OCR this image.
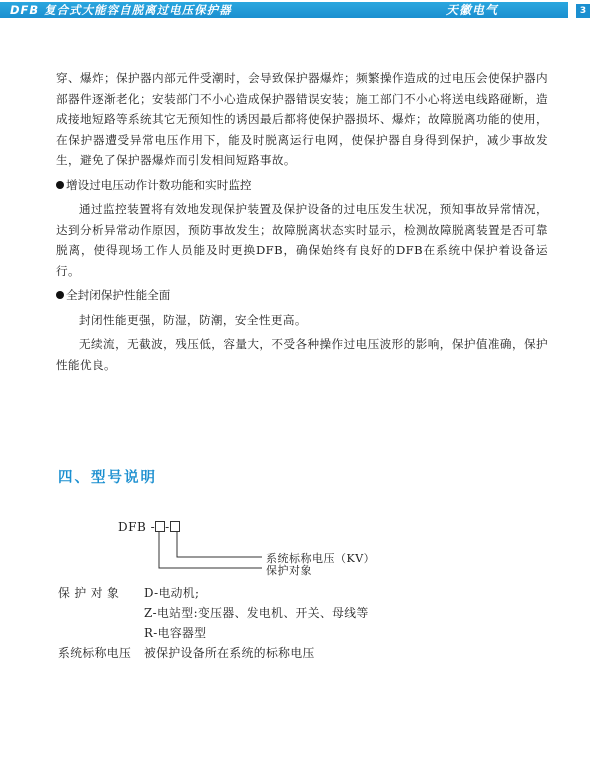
DFB 复合式大能容自脱离过电压保护器	天徽电气	3

穿、爆炸；保护器内部元件受潮时，会导致保护器爆炸；频繁操作造成的过电压会使保护器内部器件逐渐老化；安装部门不小心造成保护器错误安装；施工部门不小心将送电线路碰断，造成接地短路等系统其它无预知性的诱因最后都将使保护器损坏、爆炸；故障脱离功能的使用，在保护器遭受异常电压作用下，能及时脱离运行电网，使保护器自身得到保护，减少事故发生，避免了保护器爆炸而引发相间短路事故。

增设过电压动作计数功能和实时监控

通过监控装置将有效地发现保护装置及保护设备的过电压发生状况，预知事故异常情况，达到分析异常动作原因，预防事故发生；故障脱离状态实时显示，检测故障脱离装置是否可靠脱离，使得现场工作人员能及时更换DFB，确保始终有良好的DFB在系统中保护着设备运行。

全封闭保护性能全面

封闭性能更强，防湿，防潮，安全性更高。

无续流，无截波，残压低，容量大，不受各种操作过电压波形的影响，保护值准确，保护性能优良。

四、型号说明
DFB - -
系统标称电压（KV）
保护对象
保 护 对 象 D-电动机;
Z-电站型:变压器、发电机、开关、母线等
R-电容器型
系统标称电压 被保护设备所在系统的标称电压
